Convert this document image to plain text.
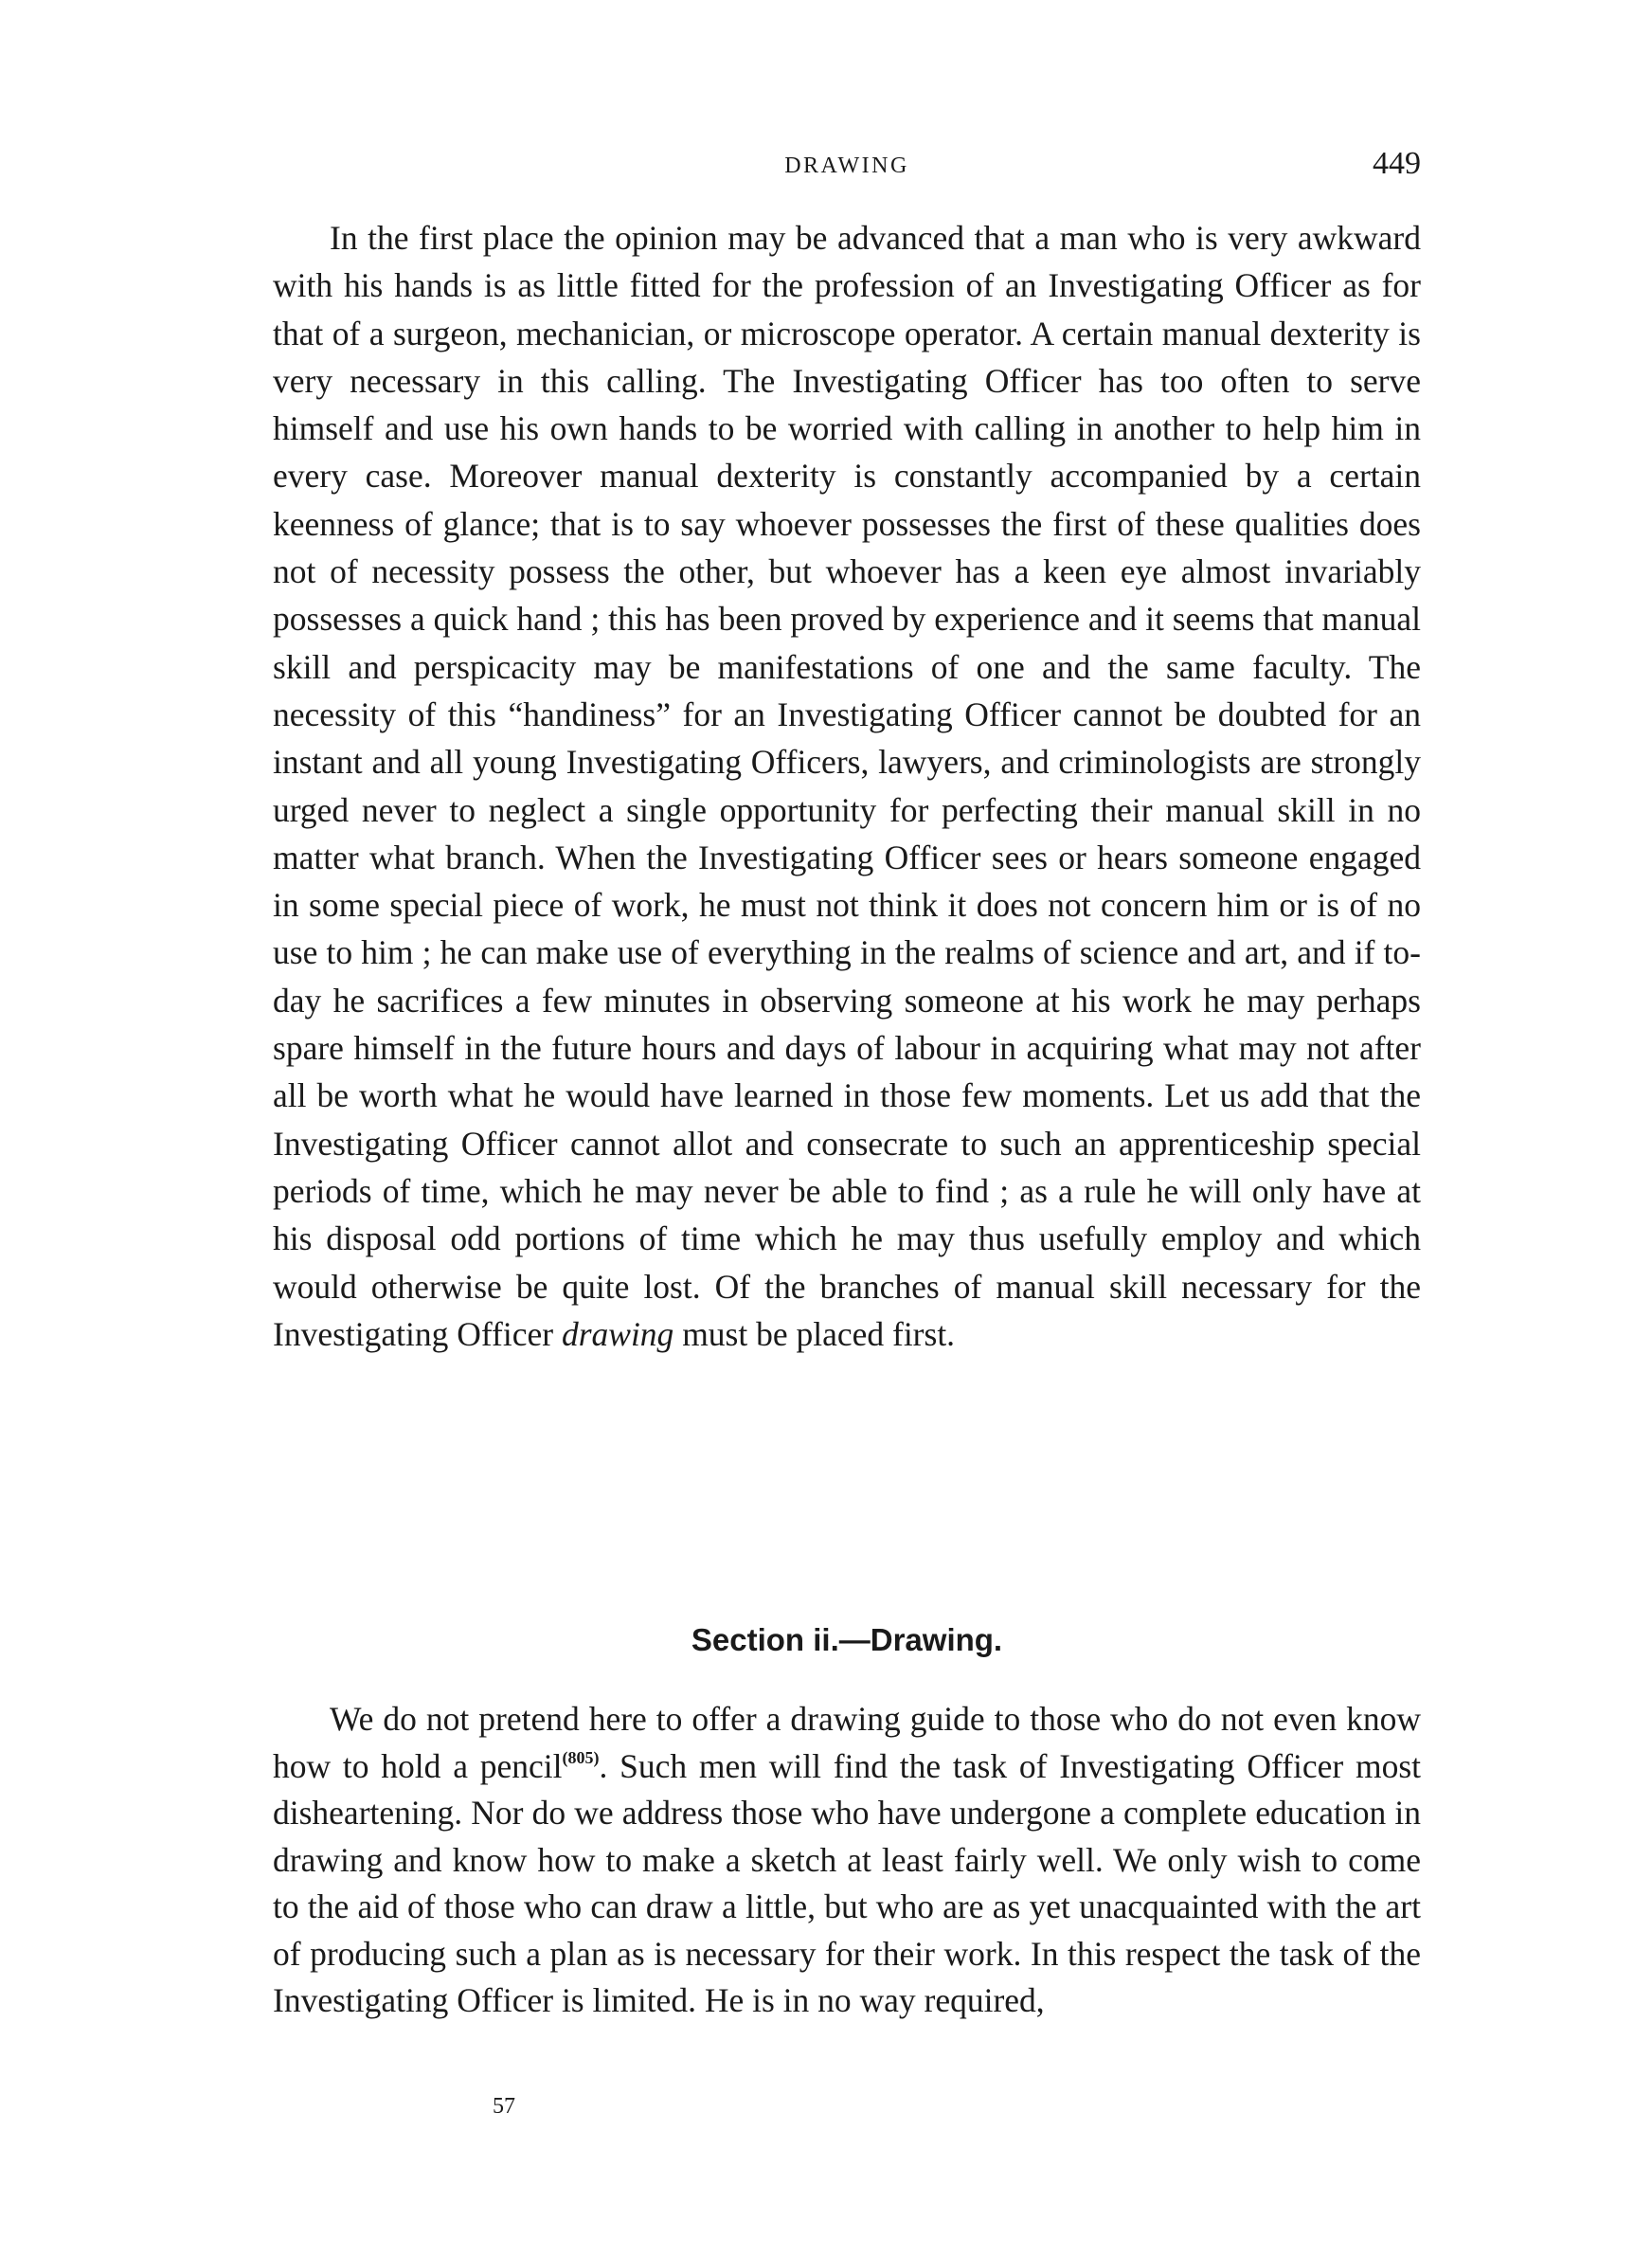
DRAWING	449

In the first place the opinion may be advanced that a man who is very awkward with his hands is as little fitted for the profession of an Investigating Officer as for that of a surgeon, mechanician, or microscope operator. A certain manual dexterity is very necessary in this calling. The Investigating Officer has too often to serve himself and use his own hands to be worried with calling in another to help him in every case. Moreover manual dexterity is constantly accompanied by a certain keenness of glance; that is to say whoever possesses the first of these qualities does not of necessity possess the other, but whoever has a keen eye almost invariably possesses a quick hand ; this has been proved by experience and it seems that manual skill and perspicacity may be manifestations of one and the same faculty. The necessity of this “handiness” for an Investigating Officer cannot be doubted for an instant and all young Investigating Officers, lawyers, and criminologists are strongly urged never to neglect a single opportunity for perfecting their manual skill in no matter what branch. When the Investigating Officer sees or hears someone engaged in some special piece of work, he must not think it does not concern him or is of no use to him ; he can make use of everything in the realms of science and art, and if to-day he sacrifices a few minutes in observing someone at his work he may perhaps spare himself in the future hours and days of labour in acquiring what may not after all be worth what he would have learned in those few moments. Let us add that the Investigating Officer cannot allot and consecrate to such an apprenticeship special periods of time, which he may never be able to find ; as a rule he will only have at his disposal odd portions of time which he may thus usefully employ and which would otherwise be quite lost. Of the branches of manual skill necessary for the Investigating Officer drawing must be placed first.

Section ii.—Drawing.

We do not pretend here to offer a drawing guide to those who do not even know how to hold a pencil$^{(805)}$. Such men will find the task of Investigating Officer most disheartening. Nor do we address those who have undergone a complete education in drawing and know how to make a sketch at least fairly well. We only wish to come to the aid of those who can draw a little, but who are as yet unacquainted with the art of producing such a plan as is necessary for their work. In this respect the task of the Investigating Officer is limited. He is in no way required,

57
